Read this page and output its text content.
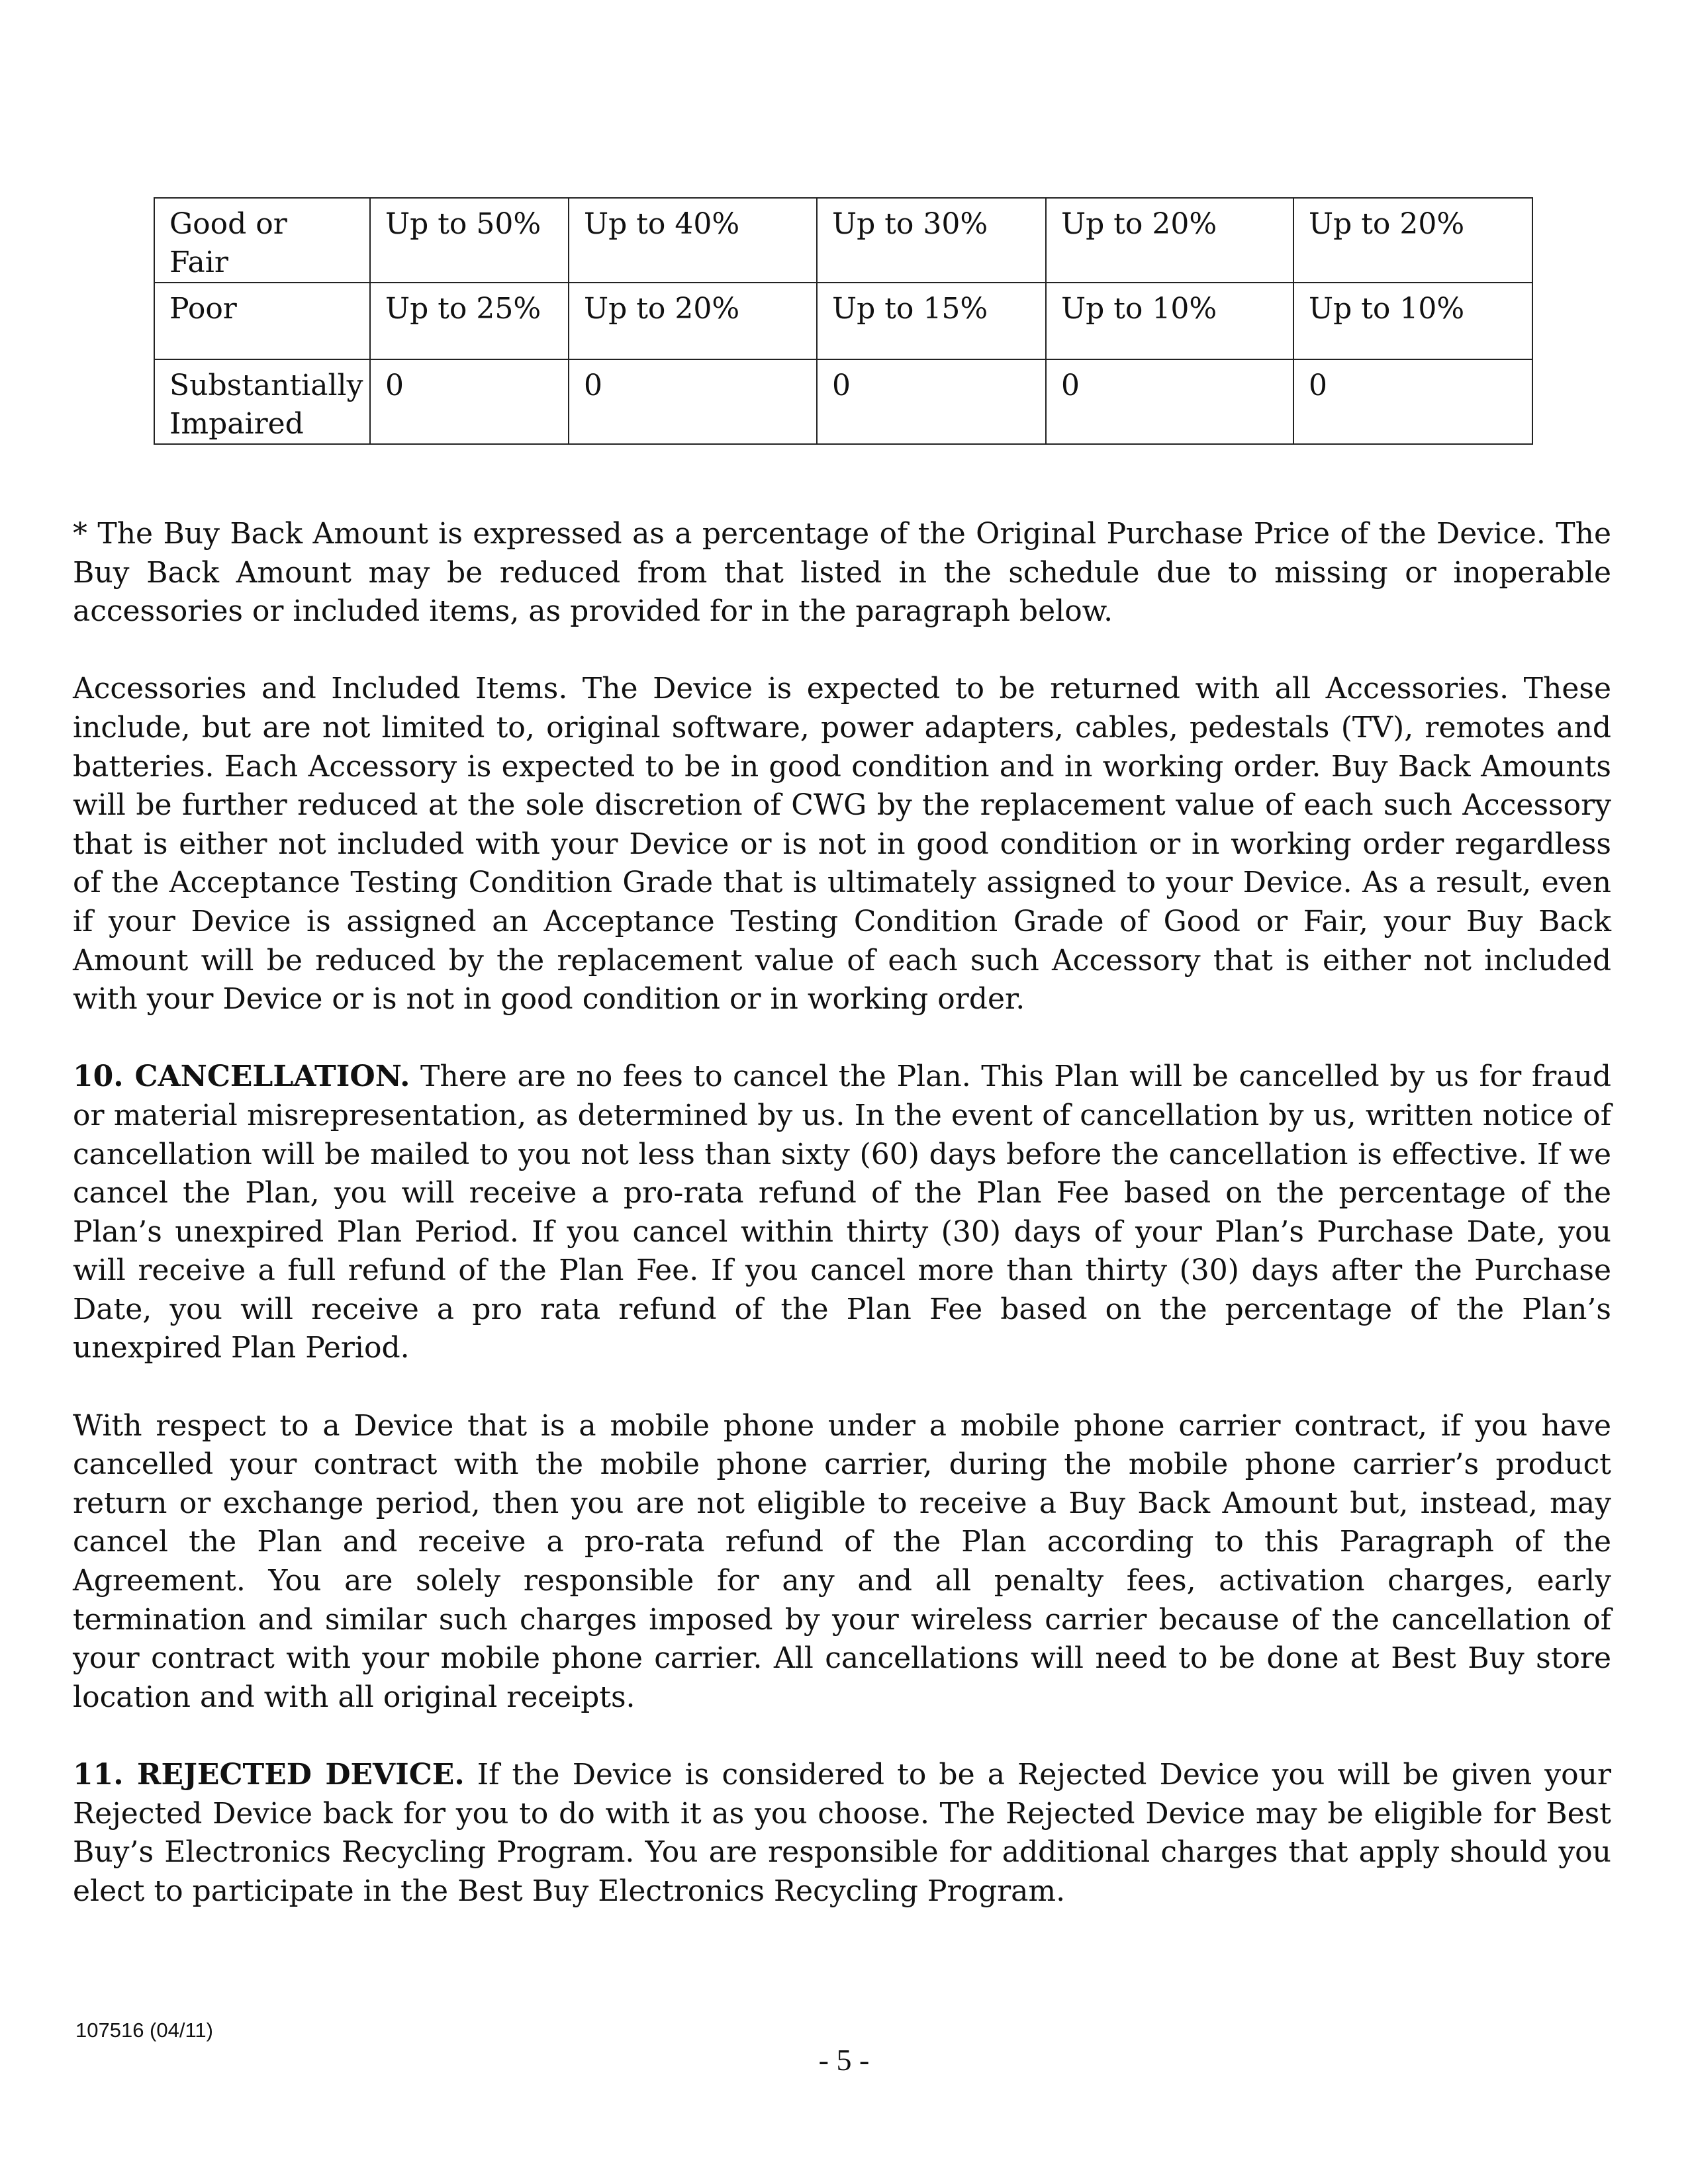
Good or Fair	Up to 50%	Up to 40%	Up to 30%	Up to 20%	Up to 20%
Poor	Up to 25%	Up to 20%	Up to 15%	Up to 10%	Up to 10%
Substantially Impaired	0	0	0	0	0

* The Buy Back Amount is expressed as a percentage of the Original Purchase Price of the Device. The Buy Back Amount may be reduced from that listed in the schedule due to missing or inoperable accessories or included items, as provided for in the paragraph below.

Accessories and Included Items. The Device is expected to be returned with all Accessories. These include, but are not limited to, original software, power adapters, cables, pedestals (TV), remotes and batteries. Each Accessory is expected to be in good condition and in working order. Buy Back Amounts will be further reduced at the sole discretion of CWG by the replacement value of each such Accessory that is either not included with your Device or is not in good condition or in working order regardless of the Acceptance Testing Condition Grade that is ultimately assigned to your Device. As a result, even if your Device is assigned an Acceptance Testing Condition Grade of Good or Fair, your Buy Back Amount will be reduced by the replacement value of each such Accessory that is either not included with your Device or is not in good condition or in working order.

10. CANCELLATION. There are no fees to cancel the Plan. This Plan will be cancelled by us for fraud or material misrepresentation, as determined by us. In the event of cancellation by us, written notice of cancellation will be mailed to you not less than sixty (60) days before the cancellation is effective. If we cancel the Plan, you will receive a pro-rata refund of the Plan Fee based on the percentage of the Plan’s unexpired Plan Period. If you cancel within thirty (30) days of your Plan’s Purchase Date, you will receive a full refund of the Plan Fee. If you cancel more than thirty (30) days after the Purchase Date, you will receive a pro rata refund of the Plan Fee based on the percentage of the Plan’s unexpired Plan Period.

With respect to a Device that is a mobile phone under a mobile phone carrier contract, if you have cancelled your contract with the mobile phone carrier, during the mobile phone carrier’s product return or exchange period, then you are not eligible to receive a Buy Back Amount but, instead, may cancel the Plan and receive a pro-rata refund of the Plan according to this Paragraph of the Agreement. You are solely responsible for any and all penalty fees, activation charges, early termination and similar such charges imposed by your wireless carrier because of the cancellation of your contract with your mobile phone carrier. All cancellations will need to be done at Best Buy store location and with all original receipts.

11. REJECTED DEVICE. If the Device is considered to be a Rejected Device you will be given your Rejected Device back for you to do with it as you choose. The Rejected Device may be eligible for Best Buy’s Electronics Recycling Program. You are responsible for additional charges that apply should you elect to participate in the Best Buy Electronics Recycling Program.

107516 (04/11)
- 5 -
